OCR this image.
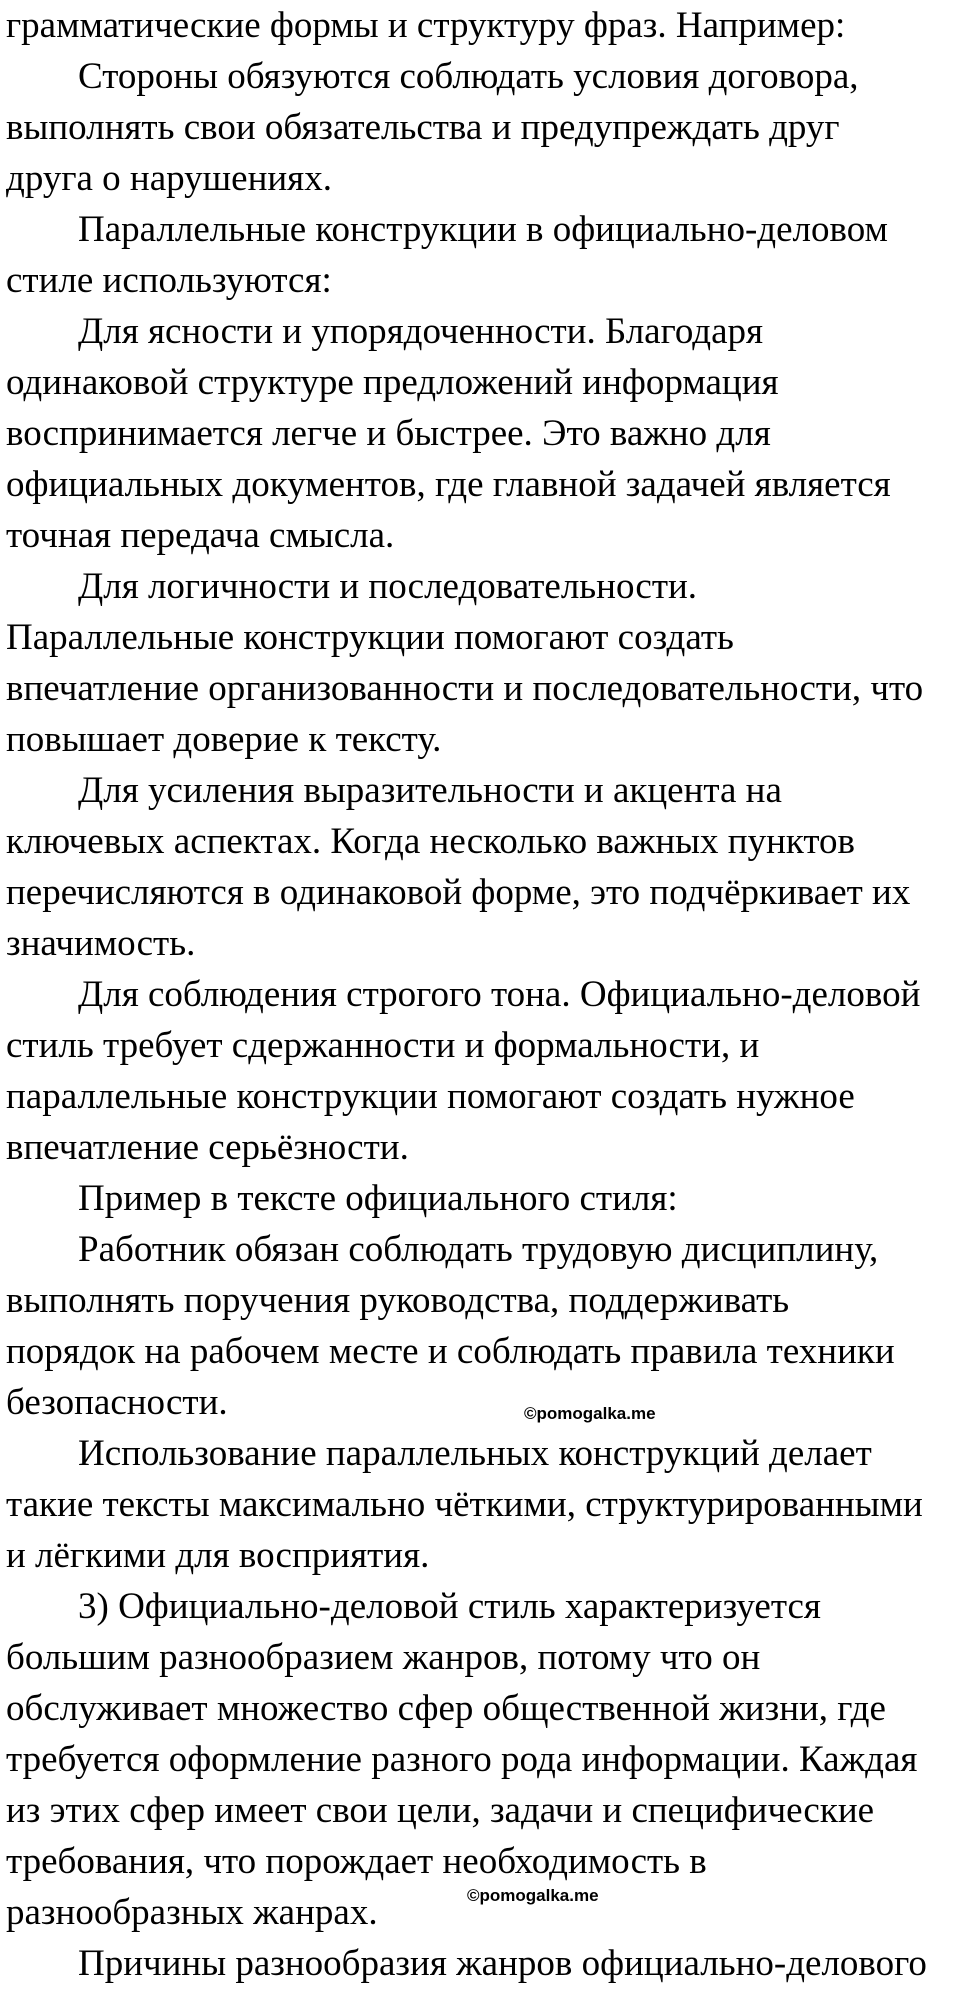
грамматические формы и структуру фраз. Например:
Стороны обязуются соблюдать условия договора,
выполнять свои обязательства и предупреждать друг
друга о нарушениях.
Параллельные конструкции в официально-деловом
стиле используются:
Для ясности и упорядоченности. Благодаря
одинаковой структуре предложений информация
воспринимается легче и быстрее. Это важно для
официальных документов, где главной задачей является
точная передача смысла.
Для логичности и последовательности.
Параллельные конструкции помогают создать
впечатление организованности и последовательности, что
повышает доверие к тексту.
Для усиления выразительности и акцента на
ключевых аспектах. Когда несколько важных пунктов
перечисляются в одинаковой форме, это подчёркивает их
значимость.
Для соблюдения строгого тона. Официально-деловой
стиль требует сдержанности и формальности, и
параллельные конструкции помогают создать нужное
впечатление серьёзности.
Пример в тексте официального стиля:
Работник обязан соблюдать трудовую дисциплину,
выполнять поручения руководства, поддерживать
порядок на рабочем месте и соблюдать правила техники
безопасности.
Использование параллельных конструкций делает
такие тексты максимально чёткими, структурированными
и лёгкими для восприятия.
3) Официально-деловой стиль характеризуется
большим разнообразием жанров, потому что он
обслуживает множество сфер общественной жизни, где
требуется оформление разного рода информации. Каждая
из этих сфер имеет свои цели, задачи и специфические
требования, что порождает необходимость в
разнообразных жанрах.
Причины разнообразия жанров официально-делового
©pomogalka.me
©pomogalka.me
